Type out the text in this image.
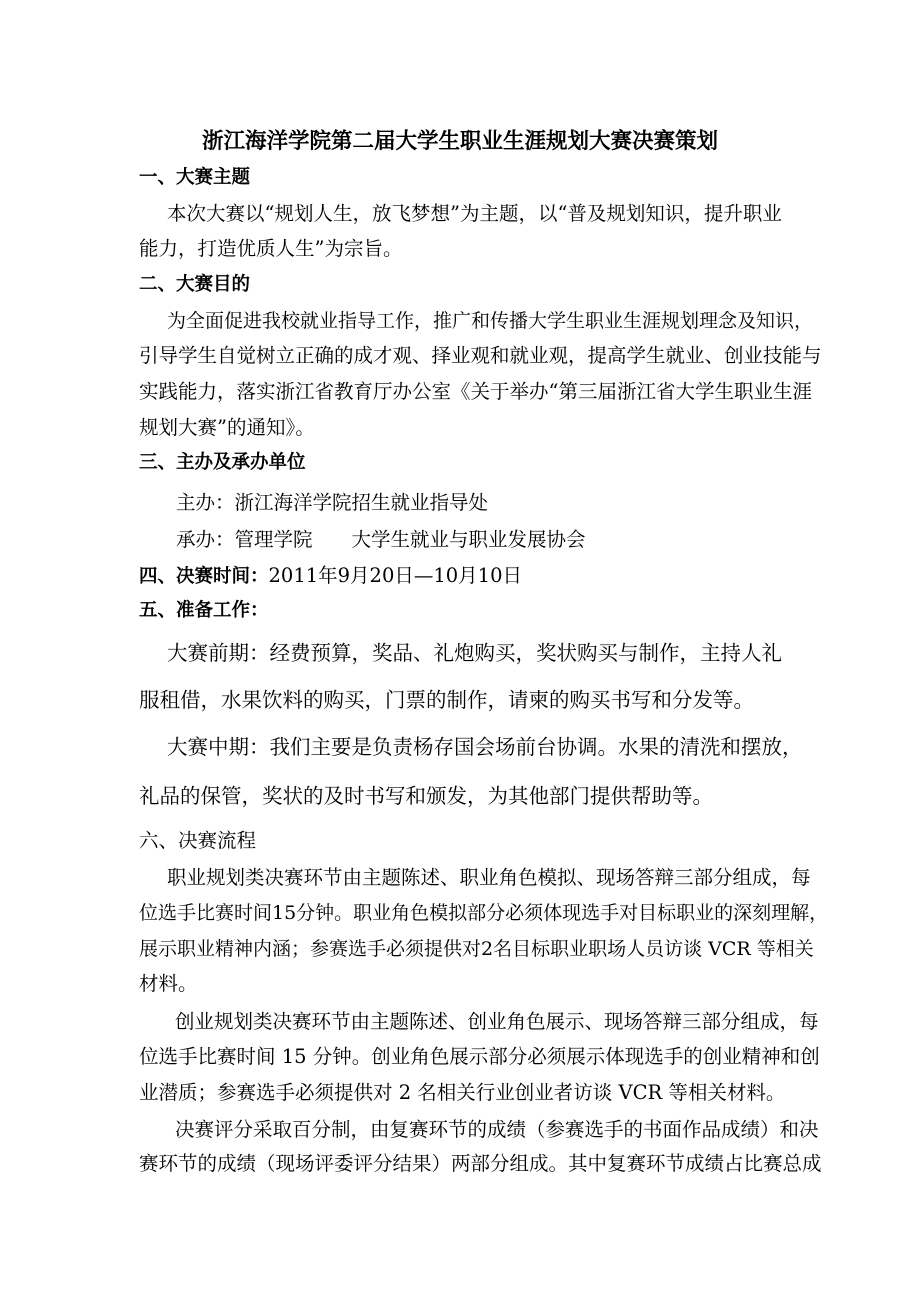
浙江海洋学院第二届大学生职业生涯规划大赛决赛策划
一、大赛主题
本次大赛以“规划人生，放飞梦想”为主题，以“普及规划知识，提升职业
能力，打造优质人生”为宗旨。
二、大赛目的
为全面促进我校就业指导工作，推广和传播大学生职业生涯规划理念及知识，
引导学生自觉树立正确的成才观、择业观和就业观，提高学生就业、创业技能与
实践能力，落实浙江省教育厅办公室《关于举办“第三届浙江省大学生职业生涯
规划大赛”的通知》。
三、主办及承办单位
主办：浙江海洋学院招生就业指导处
承办：管理学院　　大学生就业与职业发展协会
四、决赛时间：2011年9月20日—10月10日
五、准备工作：
大赛前期：经费预算，奖品、礼炮购买，奖状购买与制作，主持人礼
服租借，水果饮料的购买，门票的制作，请柬的购买书写和分发等。
大赛中期：我们主要是负责杨存国会场前台协调。水果的清洗和摆放，
礼品的保管，奖状的及时书写和颁发，为其他部门提供帮助等。
六、决赛流程
职业规划类决赛环节由主题陈述、职业角色模拟、现场答辩三部分组成，每
位选手比赛时间15分钟。职业角色模拟部分必须体现选手对目标职业的深刻理解，
展示职业精神内涵；参赛选手必须提供对2名目标职业职场人员访谈 VCR 等相关
材料。
创业规划类决赛环节由主题陈述、创业角色展示、现场答辩三部分组成，每
位选手比赛时间 15 分钟。创业角色展示部分必须展示体现选手的创业精神和创
业潜质；参赛选手必须提供对 2 名相关行业创业者访谈 VCR 等相关材料。
决赛评分采取百分制，由复赛环节的成绩（参赛选手的书面作品成绩）和决
赛环节的成绩（现场评委评分结果）两部分组成。其中复赛环节成绩占比赛总成
